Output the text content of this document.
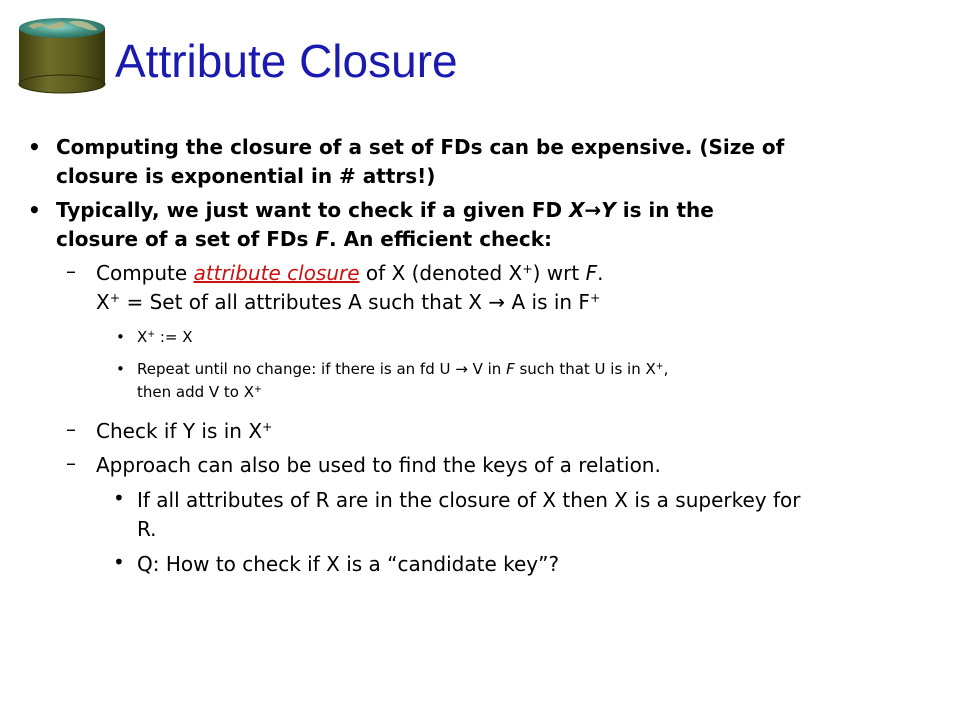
Attribute Closure
• Computing the closure of a set of FDs can be expensive. (Size of
closure is exponential in # attrs!)
• Typically, we just want to check if a given FD X→Y is in the
closure of a set of FDs F. An efficient check:
– Compute attribute closure of X (denoted X+) wrt F.
X+ = Set of all attributes A such that X → A is in F+
• X+ := X
• Repeat until no change: if there is an fd U → V in F such that U is in X+,
then add V to X+
– Check if Y is in X+
– Approach can also be used to find the keys of a relation.
• If all attributes of R are in the closure of X then X is a superkey for
R.
• Q: How to check if X is a “candidate key”?
